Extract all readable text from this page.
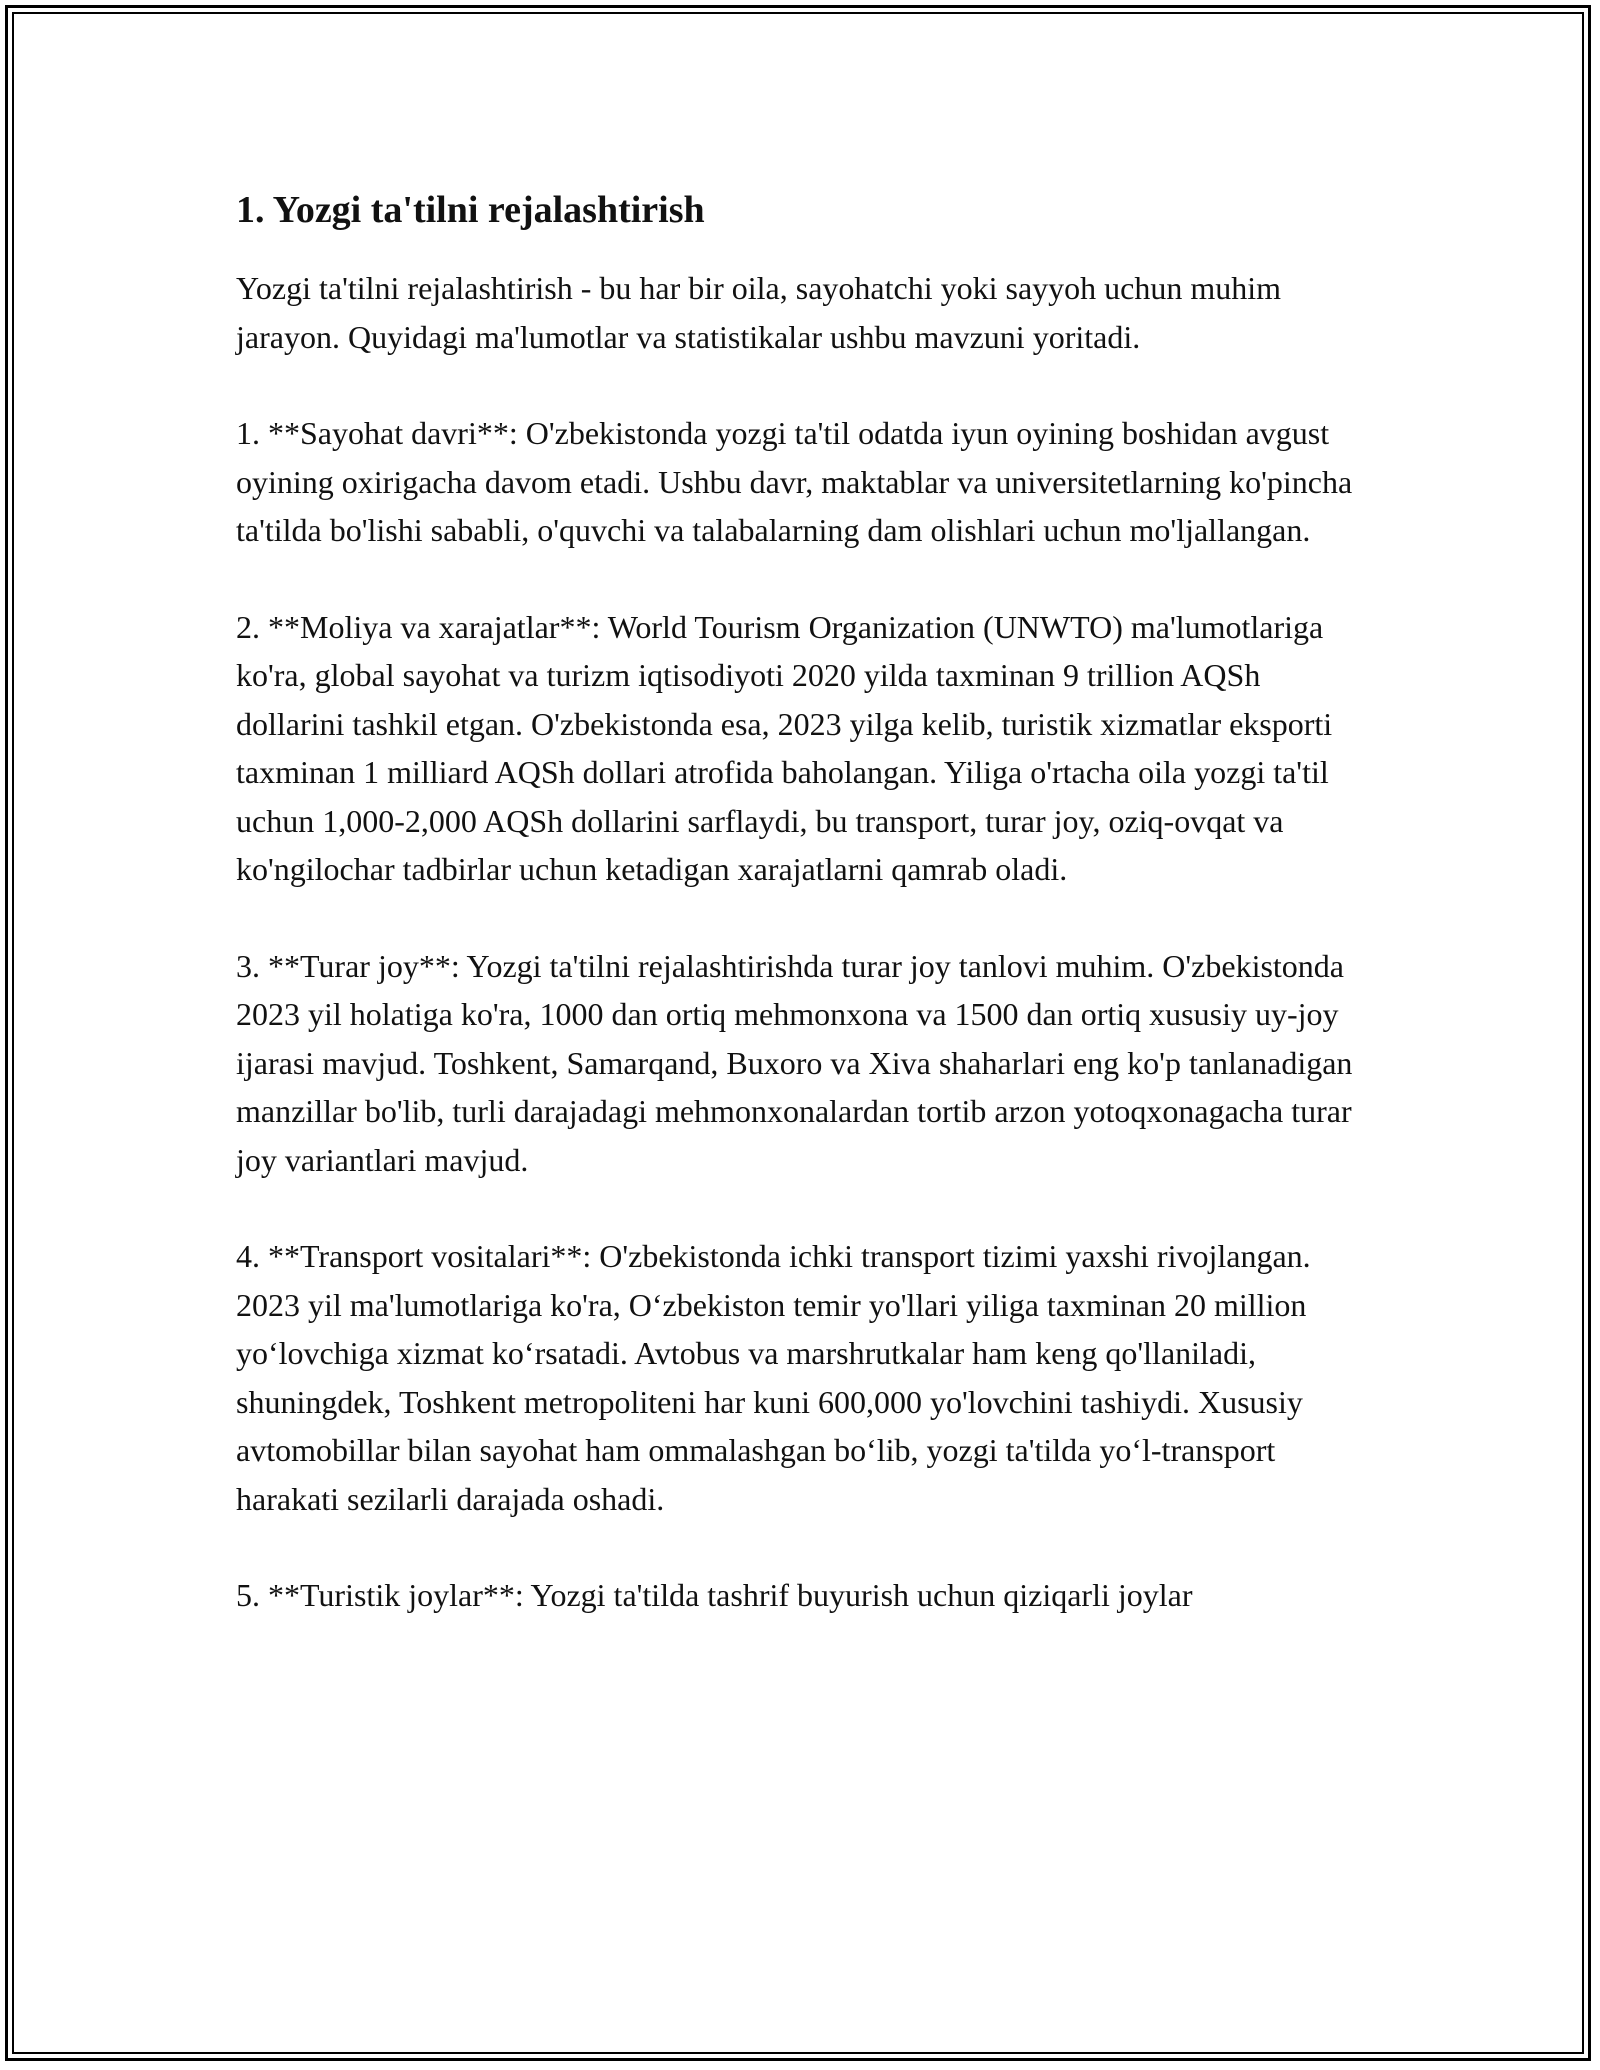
1. Yozgi ta'tilni rejalashtirish

Yozgi ta'tilni rejalashtirish - bu har bir oila, sayohatchi yoki sayyoh uchun muhim jarayon. Quyidagi ma'lumotlar va statistikalar ushbu mavzuni yoritadi.

1. **Sayohat davri**: O'zbekistonda yozgi ta'til odatda iyun oyining boshidan avgust oyining oxirigacha davom etadi. Ushbu davr, maktablar va universitetlarning ko'pincha ta'tilda bo'lishi sababli, o'quvchi va talabalarning dam olishlari uchun mo'ljallangan.

2. **Moliya va xarajatlar**: World Tourism Organization (UNWTO) ma'lumotlariga ko'ra, global sayohat va turizm iqtisodiyoti 2020 yilda taxminan 9 trillion AQSh dollarini tashkil etgan. O'zbekistonda esa, 2023 yilga kelib, turistik xizmatlar eksporti taxminan 1 milliard AQSh dollari atrofida baholangan. Yiliga o'rtacha oila yozgi ta'til uchun 1,000-2,000 AQSh dollarini sarflaydi, bu transport, turar joy, oziq-ovqat va ko'ngilochar tadbirlar uchun ketadigan xarajatlarni qamrab oladi.

3. **Turar joy**: Yozgi ta'tilni rejalashtirishda turar joy tanlovi muhim. O'zbekistonda 2023 yil holatiga ko'ra, 1000 dan ortiq mehmonxona va 1500 dan ortiq xususiy uy-joy ijarasi mavjud. Toshkent, Samarqand, Buxoro va Xiva shaharlari eng ko'p tanlanadigan manzillar bo'lib, turli darajadagi mehmonxonalardan tortib arzon yotoqxonagacha turar joy variantlari mavjud.

4. **Transport vositalari**: O'zbekistonda ichki transport tizimi yaxshi rivojlangan. 2023 yil ma'lumotlariga ko'ra, O‘zbekiston temir yo'llari yiliga taxminan 20 million yo‘lovchiga xizmat ko‘rsatadi. Avtobus va marshrutkalar ham keng qo'llaniladi, shuningdek, Toshkent metropoliteni har kuni 600,000 yo'lovchini tashiydi. Xususiy avtomobillar bilan sayohat ham ommalashgan bo‘lib, yozgi ta'tilda yo‘l-transport harakati sezilarli darajada oshadi.

5. **Turistik joylar**: Yozgi ta'tilda tashrif buyurish uchun qiziqarli joylar
